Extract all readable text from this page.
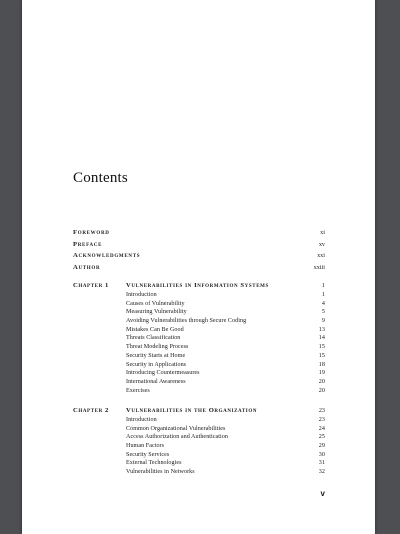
Contents
Foreword	xi
Preface	xv
Acknowledgments	xxi
Author	xxiii
Chapter 1	Vulnerabilities in Information Systems	1
Introduction	1
Causes of Vulnerability	4
Measuring Vulnerability	5
Avoiding Vulnerabilities through Secure Coding	9
Mistakes Can Be Good	13
Threats Classification	14
Threat Modeling Process	15
Security Starts at Home	15
Security in Applications	18
Introducing Countermeasures	19
International Awareness	20
Exercises	20
Chapter 2	Vulnerabilities in the Organization	23
Introduction	23
Common Organizational Vulnerabilities	24
Access Authorization and Authentication	25
Human Factors	29
Security Services	30
External Technologies	31
Vulnerabilities in Networks	32
v
